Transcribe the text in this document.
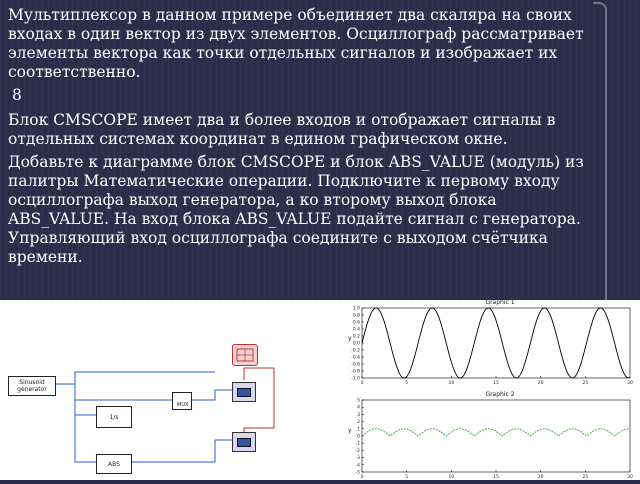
Мультиплексор в данном примере объединяет два скаляра на своих входах в один вектор из двух элементов. Осциллограф рассматривает элементы вектора как точки отдельных сигналов и изображает их соответственно.

8

Блок CMSCOPE имеет два и более входов и отображает сигналы в отдельных системах координат в едином графическом окне.

Добавьте к диаграмме блок CMSCOPE и блок ABS_VALUE (модуль) из палитры Математические операции. Подключите к первому входу осциллографа выход генератора, а ко второму выход блока ABS_VALUE. На вход блока ABS_VALUE подайте сигнал с генератора. Управляющий вход осциллографа соедините с выходом счётчика времени.

Sinusoid generator
1/s
MUX
ABS
Graphic 1
Graphic 2
y
y
1.0
0.8
0.6
0.4
0.2
0.0
-0.2
-0.4
-0.6
-0.8
-1.0
0	5	10	15	20	25	30
5
4
3
2
1
0
-1
-2
-3
-4
-5
0	5	10	15	20	25	30
